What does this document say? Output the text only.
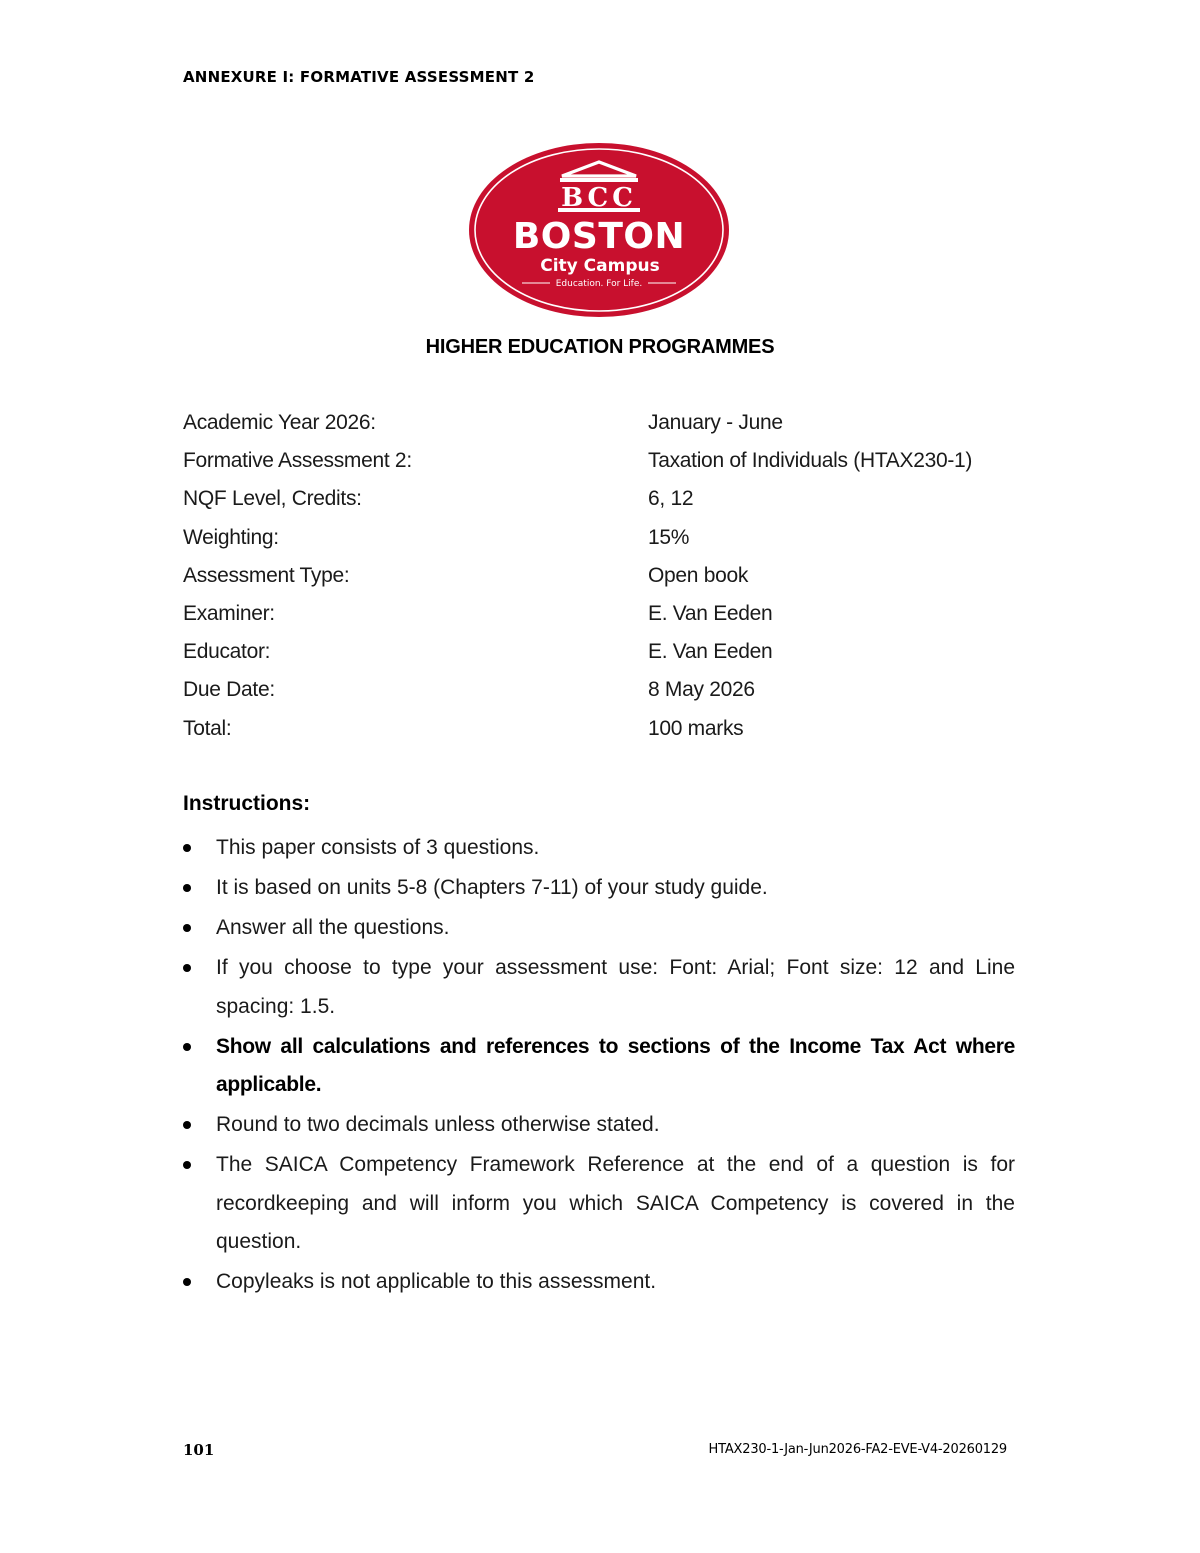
ANNEXURE I: FORMATIVE ASSESSMENT 2
BCC
BOSTON
City Campus
Education. For Life.
HIGHER EDUCATION PROGRAMMES
Academic Year 2026:	January - June
Formative Assessment 2:	Taxation of Individuals (HTAX230-1)
NQF Level, Credits:	6, 12
Weighting:	15%
Assessment Type:	Open book
Examiner:	E. Van Eeden
Educator:	E. Van Eeden
Due Date:	8 May 2026
Total:	100 marks
Instructions:
This paper consists of 3 questions.
It is based on units 5-8 (Chapters 7-11) of your study guide.
Answer all the questions.
If you choose to type your assessment use: Font: Arial; Font size: 12 and Line spacing: 1.5.
Show all calculations and references to sections of the Income Tax Act where applicable.
Round to two decimals unless otherwise stated.
The SAICA Competency Framework Reference at the end of a question is for recordkeeping and will inform you which SAICA Competency is covered in the question.
Copyleaks is not applicable to this assessment.
101	HTAX230-1-Jan-Jun2026-FA2-EVE-V4-20260129
